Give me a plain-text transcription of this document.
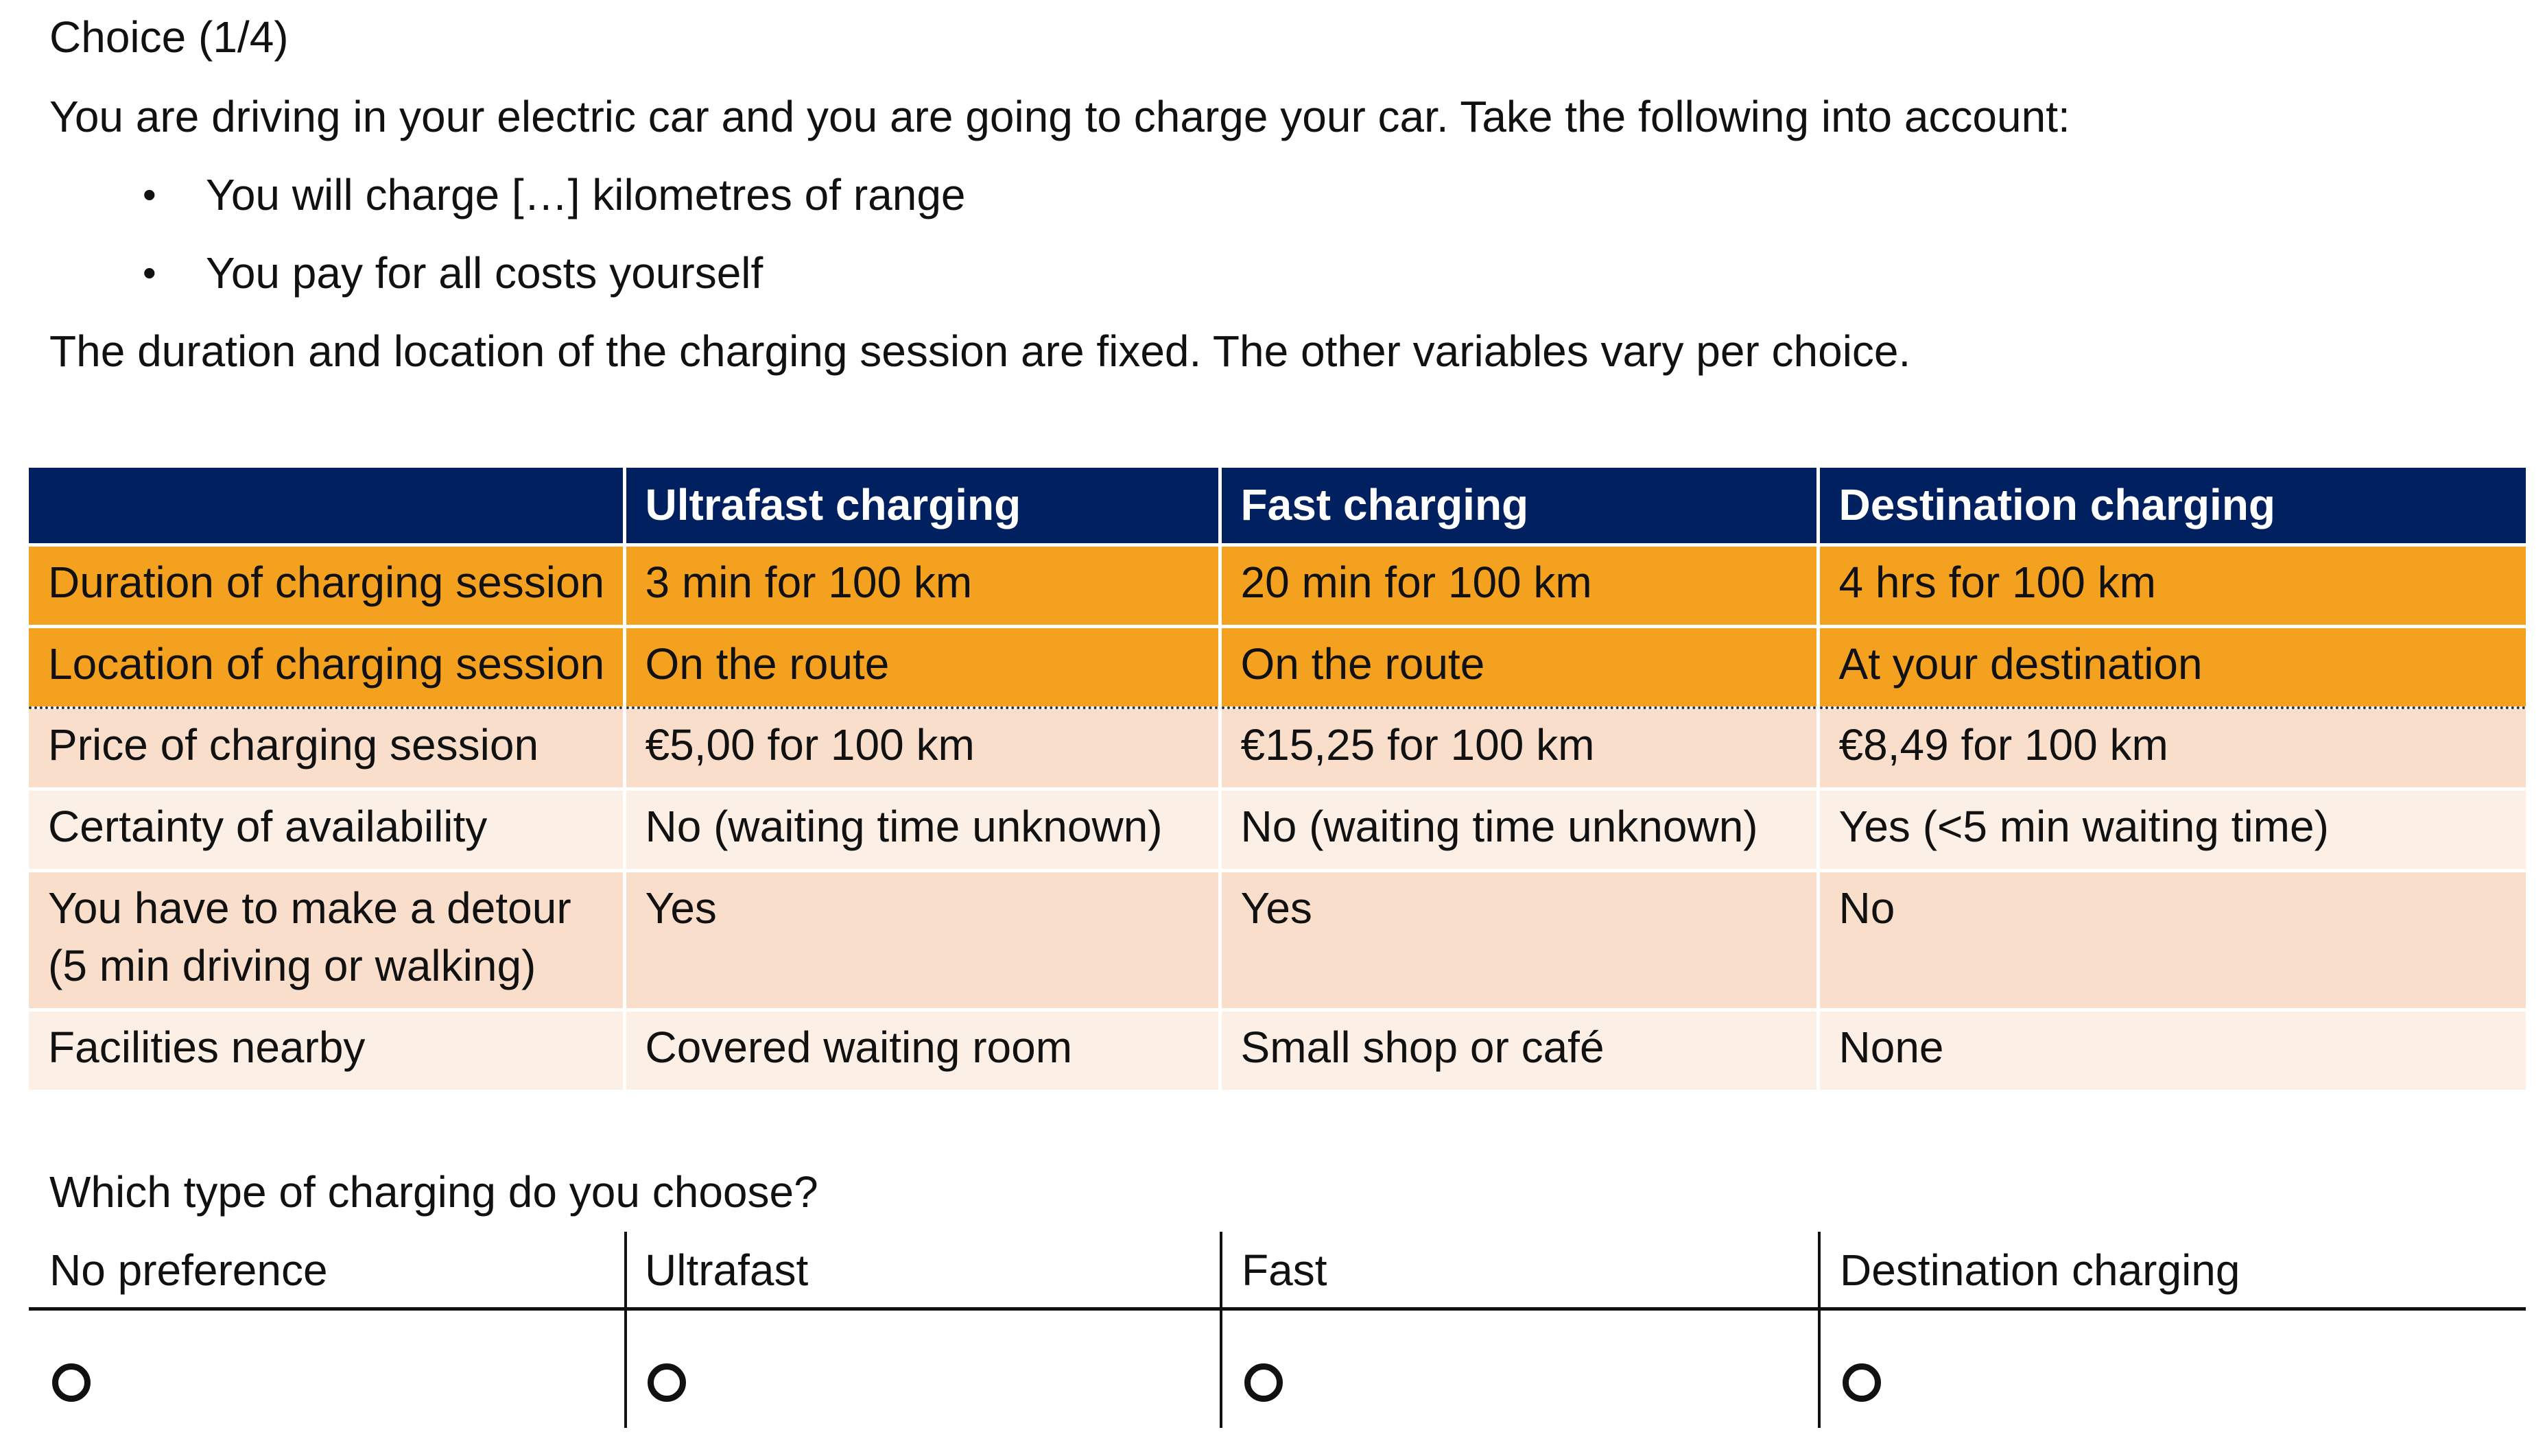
Choice (1/4)
You are driving in your electric car and you are going to charge your car. Take the following into account:
• You will charge […] kilometres of range
• You pay for all costs yourself
The duration and location of the charging session are fixed. The other variables vary per choice.
	Ultrafast charging	Fast charging	Destination charging
Duration of charging session	3 min for 100 km	20 min for 100 km	4 hrs for 100 km
Location of charging session	On the route	On the route	At your destination
Price of charging session	€5,00 for 100 km	€15,25 for 100 km	€8,49 for 100 km
Certainty of availability	No (waiting time unknown)	No (waiting time unknown)	Yes (<5 min waiting time)
You have to make a detour
(5 min driving or walking)	Yes	Yes	No
Facilities nearby	Covered waiting room	Small shop or café	None
Which type of charging do you choose?
No preference	Ultrafast	Fast	Destination charging
